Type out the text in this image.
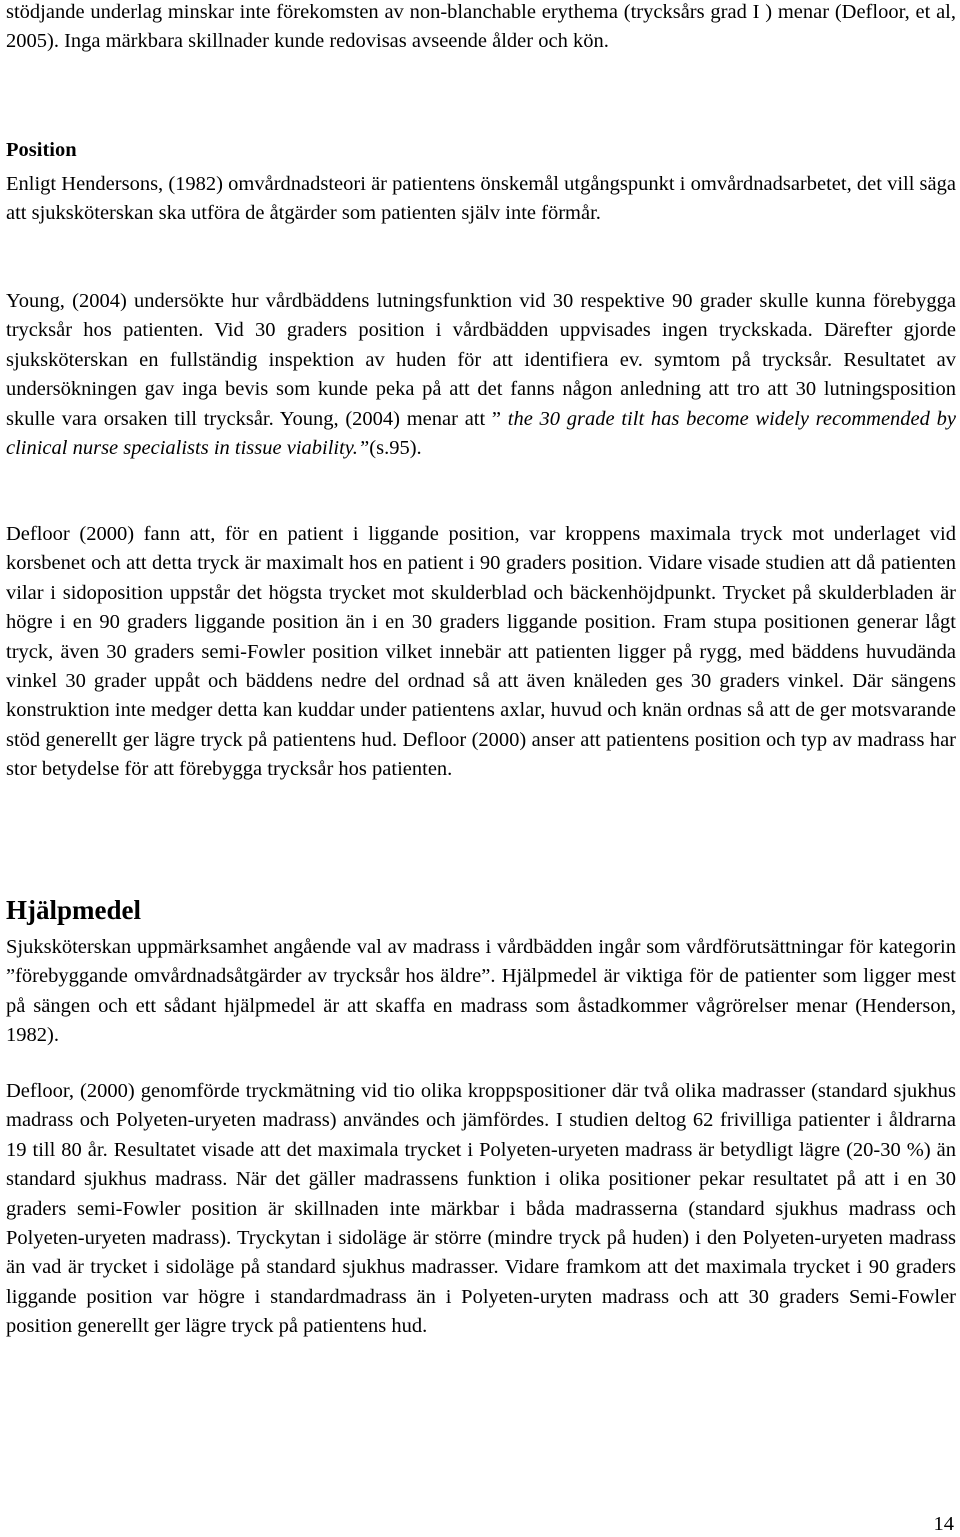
stödjande underlag minskar inte förekomsten av non-blanchable erythema (trycksårs grad I ) menar (Defloor, et al, 2005). Inga märkbara skillnader kunde redovisas avseende ålder och kön.

Position

Enligt Hendersons, (1982) omvårdnadsteori är patientens önskemål utgångspunkt i omvårdnadsarbetet, det vill säga att sjuksköterskan ska utföra de åtgärder som patienten själv inte förmår.

Young, (2004) undersökte hur vårdbäddens lutningsfunktion vid 30 respektive 90 grader skulle kunna förebygga trycksår hos patienten. Vid 30 graders position i vårdbädden uppvisades ingen tryckskada. Därefter gjorde sjuksköterskan en fullständig inspektion av huden för att identifiera ev. symtom på trycksår. Resultatet av undersökningen gav inga bevis som kunde peka på att det fanns någon anledning att tro att 30 lutningsposition skulle vara orsaken till trycksår. Young, (2004) menar att ” the 30 grade tilt has become widely recommended by clinical nurse specialists in tissue viability.”(s.95).

Defloor (2000) fann att, för en patient i liggande position, var kroppens maximala tryck mot underlaget vid korsbenet och att detta tryck är maximalt hos en patient i 90 graders position. Vidare visade studien att då patienten vilar i sidoposition uppstår det högsta trycket mot skulderblad och bäckenhöjdpunkt. Trycket på skulderbladen är högre i en 90 graders liggande position än i en 30 graders liggande position. Fram stupa positionen generar lågt tryck, även 30 graders semi-Fowler position vilket innebär att patienten ligger på rygg, med bäddens huvudända vinkel 30 grader uppåt och bäddens nedre del ordnad så att även knäleden ges 30 graders vinkel. Där sängens konstruktion inte medger detta kan kuddar under patientens axlar, huvud och knän ordnas så att de ger motsvarande stöd generellt ger lägre tryck på patientens hud. Defloor (2000) anser att patientens position och typ av madrass har stor betydelse för att förebygga trycksår hos patienten.

Hjälpmedel

Sjuksköterskan uppmärksamhet angående val av madrass i vårdbädden ingår som vårdförutsättningar för kategorin ”förebyggande omvårdnadsåtgärder av trycksår hos äldre”. Hjälpmedel är viktiga för de patienter som ligger mest på sängen och ett sådant hjälpmedel är att skaffa en madrass som åstadkommer vågrörelser menar (Henderson, 1982).

Defloor, (2000) genomförde tryckmätning vid tio olika kroppspositioner där två olika madrasser (standard sjukhus madrass och Polyeten-uryeten madrass) användes och jämfördes. I studien deltog 62 frivilliga patienter i åldrarna 19 till 80 år. Resultatet visade att det maximala trycket i Polyeten-uryeten madrass är betydligt lägre (20-30 %) än standard sjukhus madrass. När det gäller madrassens funktion i olika positioner pekar resultatet på att i en 30 graders semi-Fowler position är skillnaden inte märkbar i båda madrasserna (standard sjukhus madrass och Polyeten-uryeten madrass). Tryckytan i sidoläge är större (mindre tryck på huden) i den Polyeten-uryeten madrass än vad är trycket i sidoläge på standard sjukhus madrasser. Vidare framkom att det maximala trycket i 90 graders liggande position var högre i standardmadrass än i Polyeten-uryten madrass och att 30 graders Semi-Fowler position generellt ger lägre tryck på patientens hud.

14
